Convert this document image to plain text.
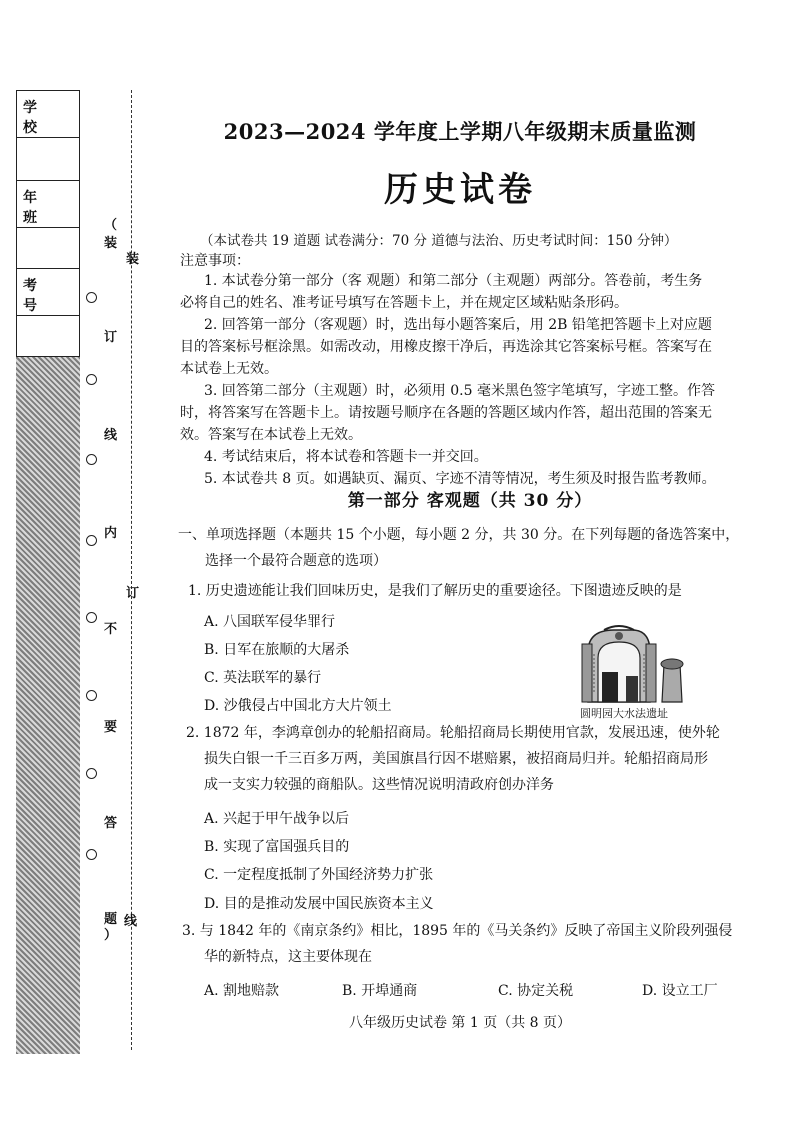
学 校

年 班

考 号

装
订
线
（
装
订
线
内
不
要
答
题
）
2023—2024 学年度上学期八年级期末质量监测
历史试卷
（本试卷共 19 道题 试卷满分：70 分 道德与法治、历史考试时间：150 分钟）
注意事项：
1. 本试卷分第一部分（客 观题）和第二部分（主观题）两部分。答卷前，考生务
必将自己的姓名、准考证号填写在答题卡上，并在规定区域粘贴条形码。
2. 回答第一部分（客观题）时，选出每小题答案后，用 2B 铅笔把答题卡上对应题
目的答案标号框涂黑。如需改动，用橡皮擦干净后，再选涂其它答案标号框。答案写在
本试卷上无效。
3. 回答第二部分（主观题）时，必须用 0.5 毫米黑色签字笔填写，字迹工整。作答
时，将答案写在答题卡上。请按题号顺序在各题的答题区域内作答，超出范围的答案无
效。答案写在本试卷上无效。
4. 考试结束后，将本试卷和答题卡一并交回。
5. 本试卷共 8 页。如遇缺页、漏页、字迹不清等情况，考生须及时报告监考教师。
第一部分 客观题（共 30 分）
一、单项选择题（本题共 15 个小题，每小题 2 分，共 30 分。在下列每题的备选答案中，
选择一个最符合题意的选项）
1. 历史遗迹能让我们回味历史，是我们了解历史的重要途径。下图遗迹反映的是
A. 八国联军侵华罪行
B. 日军在旅顺的大屠杀
C. 英法联军的暴行
D. 沙俄侵占中国北方大片领土	圆明园大水法遗址
2. 1872 年，李鸿章创办的轮船招商局。轮船招商局长期使用官款，发展迅速，使外轮
损失白银一千三百多万两，美国旗昌行因不堪赔累，被招商局归并。轮船招商局形
成一支实力较强的商船队。这些情况说明清政府创办洋务
A. 兴起于甲午战争以后
B. 实现了富国强兵目的
C. 一定程度抵制了外国经济势力扩张
D. 目的是推动发展中国民族资本主义
3. 与 1842 年的《南京条约》相比，1895 年的《马关条约》反映了帝国主义阶段列强侵
华的新特点，这主要体现在
A. 割地赔款	B. 开埠通商	C. 协定关税	D. 设立工厂
八年级历史试卷 第 1 页（共 8 页）
